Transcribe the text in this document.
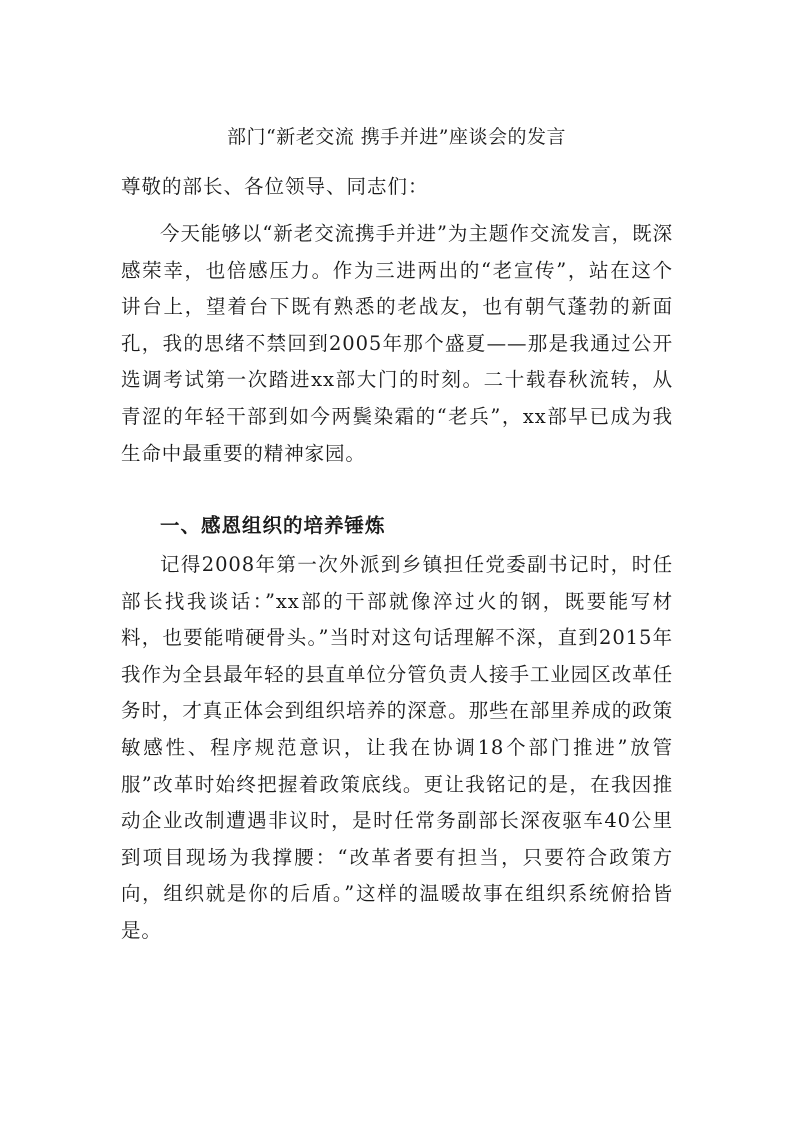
部门“新老交流 携手并进”座谈会的发言

尊敬的部长、各位领导、同志们：

今天能够以“新老交流携手并进”为主题作交流发言，既深感荣幸，也倍感压力。作为三进两出的“老宣传”，站在这个讲台上，望着台下既有熟悉的老战友，也有朝气蓬勃的新面孔，我的思绪不禁回到2005年那个盛夏——那是我通过公开选调考试第一次踏进xx部大门的时刻。二十载春秋流转，从青涩的年轻干部到如今两鬓染霜的“老兵”，xx部早已成为我生命中最重要的精神家园。

一、感恩组织的培养锤炼

记得2008年第一次外派到乡镇担任党委副书记时，时任部长找我谈话：”xx部的干部就像淬过火的钢，既要能写材料，也要能啃硬骨头。”当时对这句话理解不深，直到2015年我作为全县最年轻的县直单位分管负责人接手工业园区改革任务时，才真正体会到组织培养的深意。那些在部里养成的政策敏感性、程序规范意识，让我在协调18个部门推进”放管服”改革时始终把握着政策底线。更让我铭记的是，在我因推动企业改制遭遇非议时，是时任常务副部长深夜驱车40公里到项目现场为我撑腰：“改革者要有担当，只要符合政策方向，组织就是你的后盾。”这样的温暖故事在组织系统俯拾皆是。
